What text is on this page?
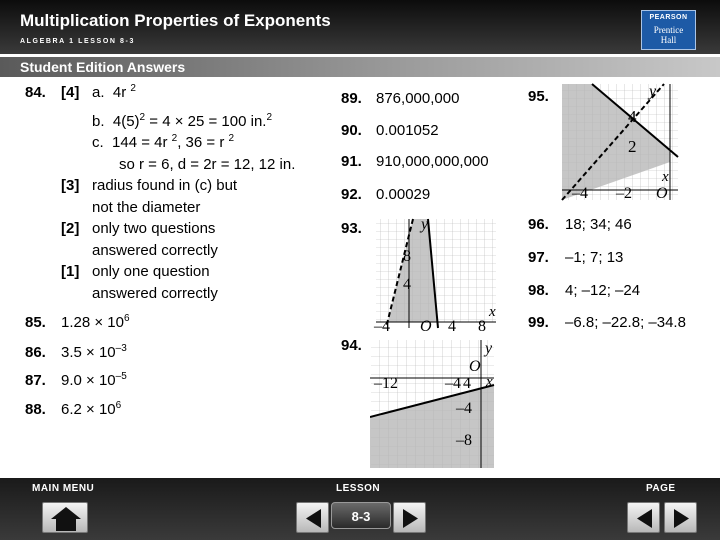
Multiplication Properties of Exponents
ALGEBRA 1 LESSON 8-3
PEARSON
Prentice
Hall
Student Edition Answers
84. [4] a. 4r $^2$
b. $4(5)^2 = 4 \times 25 = 100$ in.$^2$
c. 144 = 4r $^2$, 36 = r $^2$
so r = 6, d = 2r = 12, 12 in.
[3] radius found in (c) but
not the diameter
[2] only two questions
answered correctly
[1] only one question
answered correctly
85. $1.28 \times 10^6$
86. $3.5 \times 10^{-3}$
87. $9.0 \times 10^{-5}$
88. $6.2 \times 10^6$
89. 876,000,000
90. 0.001052
91. 910,000,000,000
92. 0.00029
93.
94.
y
x
8
4
–4 O 4 8
y
x
O
–12	–4 4
–4
–8
95.	y
x
4
2
–4 –2 O
96. 18; 34; 46
97. –1; 7; 13
98. 4; –12; –24
99. –6.8; –22.8; –34.8
MAIN MENU	LESSON	PAGE
8-3
